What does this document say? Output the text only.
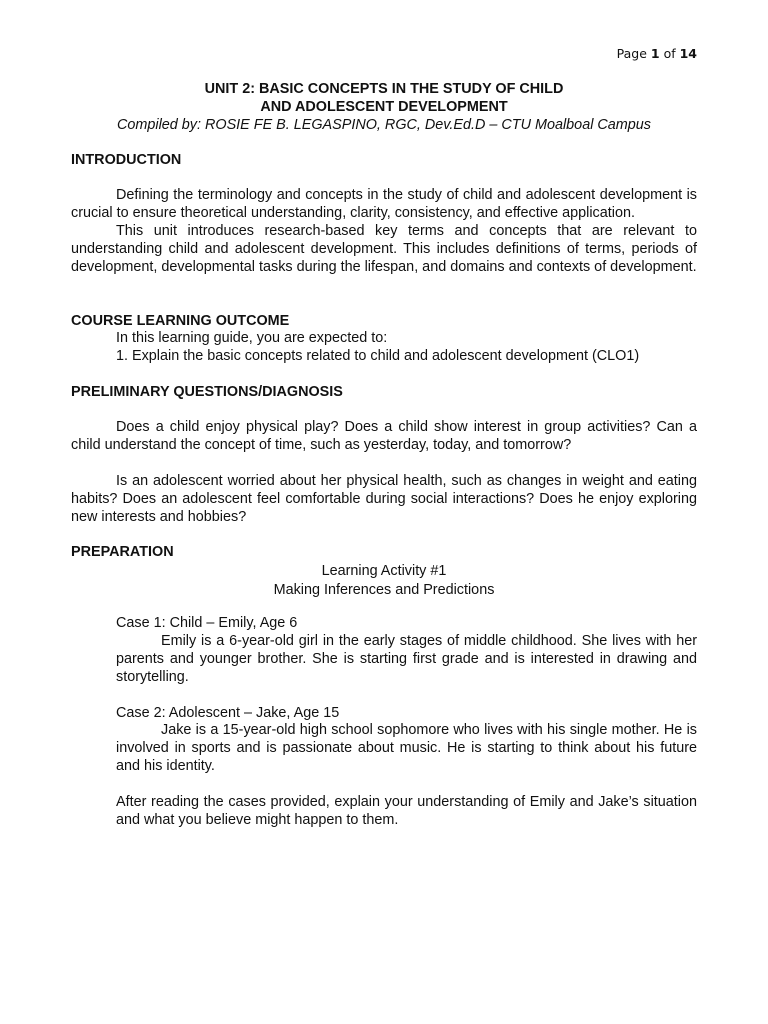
Page 1 of 14
UNIT 2: BASIC CONCEPTS IN THE STUDY OF CHILD
AND ADOLESCENT DEVELOPMENT
Compiled by: ROSIE FE B. LEGASPINO, RGC, Dev.Ed.D – CTU Moalboal Campus
INTRODUCTION
Defining the terminology and concepts in the study of child and adolescent development is crucial to ensure theoretical understanding, clarity, consistency, and effective application.
This unit introduces research-based key terms and concepts that are relevant to understanding child and adolescent development. This includes definitions of terms, periods of development, developmental tasks during the lifespan, and domains and contexts of development.
COURSE LEARNING OUTCOME
In this learning guide, you are expected to:
1. Explain the basic concepts related to child and adolescent development (CLO1)
PRELIMINARY QUESTIONS/DIAGNOSIS
Does a child enjoy physical play? Does a child show interest in group activities? Can a child understand the concept of time, such as yesterday, today, and tomorrow?
Is an adolescent worried about her physical health, such as changes in weight and eating habits? Does an adolescent feel comfortable during social interactions? Does he enjoy exploring new interests and hobbies?
PREPARATION
Learning Activity #1
Making Inferences and Predictions
Case 1: Child – Emily, Age 6
Emily is a 6-year-old girl in the early stages of middle childhood. She lives with her parents and younger brother. She is starting first grade and is interested in drawing and storytelling.
Case 2: Adolescent – Jake, Age 15
Jake is a 15-year-old high school sophomore who lives with his single mother. He is involved in sports and is passionate about music. He is starting to think about his future and his identity.
After reading the cases provided, explain your understanding of Emily and Jake’s situation and what you believe might happen to them.
